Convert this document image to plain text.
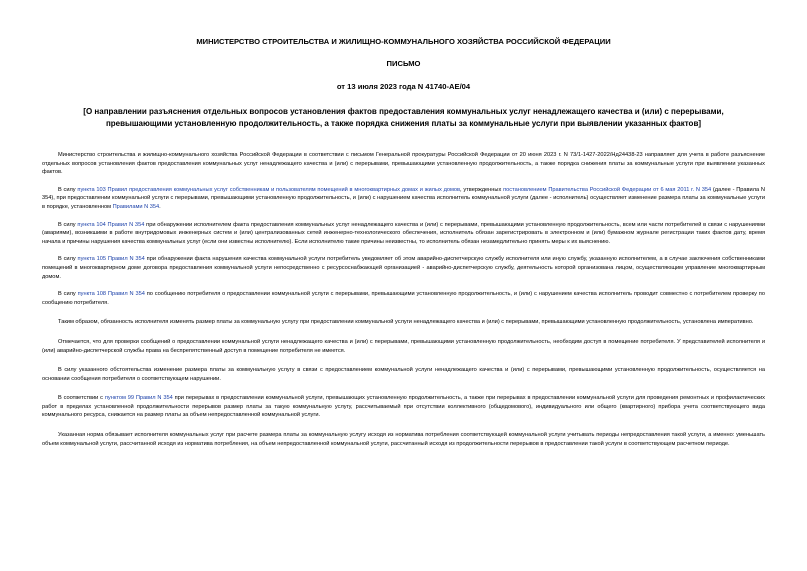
МИНИСТЕРСТВО СТРОИТЕЛЬСТВА И ЖИЛИЩНО-КОММУНАЛЬНОГО ХОЗЯЙСТВА РОССИЙСКОЙ ФЕДЕРАЦИИ
ПИСЬМО
от 13 июля 2023 года N 41740-АЕ/04
[О направлении разъяснения отдельных вопросов установления фактов предоставления коммунальных услуг ненадлежащего качества и (или) с перерывами,
превышающими установленную продолжительность, а также порядка снижения платы за коммунальные услуги при выявлении указанных фактов]

Министерство строительства и жилищно-коммунального хозяйства Российской Федерации в соответствии с письмом Генеральной прокуратуры Российской Федерации от 20 июня 2023 г. N 73/1-1427-2022/Нд24438-23 направляет для учета в работе разъяснение отдельных вопросов установления фактов предоставления коммунальных услуг ненадлежащего качества и (или) с перерывами, превышающими установленную продолжительность, а также порядка снижения платы за коммунальные услуги при выявлении указанных фактов.

В силу пункта 103 Правил предоставления коммунальных услуг собственникам и пользователям помещений в многоквартирных домах и жилых домов, утвержденных постановлением Правительства Российской Федерации от 6 мая 2011 г. N 354 (далее - Правила N 354), при предоставлении коммунальной услуги с перерывами, превышающими установленную продолжительность, и (или) с нарушением качества исполнитель коммунальной услуги (далее - исполнитель) осуществляет изменение размера платы за коммунальные услуги в порядке, установленном Правилами N 354.

В силу пункта 104 Правил N 354 при обнаружении исполнителем факта предоставления коммунальных услуг ненадлежащего качества и (или) с перерывами, превышающими установленную продолжительность, всем или части потребителей в связи с нарушениями (авариями), возникшими в работе внутридомовых инженерных систем и (или) централизованных сетей инженерно-технологического обеспечения, исполнитель обязан зарегистрировать в электронном и (или) бумажном журнале регистрации таких фактов дату, время начала и причины нарушения качества коммунальных услуг (если они известны исполнителю). Если исполнителю такие причины неизвестны, то исполнитель обязан незамедлительно принять меры к их выяснению.

В силу пункта 105 Правил N 354 при обнаружении факта нарушения качества коммунальной услуги потребитель уведомляет об этом аварийно-диспетчерскую службу исполнителя или иную службу, указанную исполнителем, а в случае заключения собственниками помещений в многоквартирном доме договора предоставления коммунальной услуги непосредственно с ресурсоснабжающей организацией - аварийно-диспетчерскую службу, деятельность которой организована лицом, осуществляющим управление многоквартирным домом.

В силу пункта 108 Правил N 354 по сообщению потребителя о предоставлении коммунальной услуги с перерывами, превышающими установленную продолжительность, и (или) с нарушением качества исполнитель проводит совместно с потребителем проверку по сообщению потребителя.

Таким образом, обязанность исполнителя изменять размер платы за коммунальную услугу при предоставлении коммунальной услуги ненадлежащего качества и (или) с перерывами, превышающими установленную продолжительность, установлена императивно.

Отмечается, что для проверки сообщений о предоставлении коммунальной услуги ненадлежащего качества и (или) с перерывами, превышающими установленную продолжительность, необходим доступ в помещение потребителя. У представителей исполнителя и (или) аварийно-диспетчерской службы права на беспрепятственный доступ в помещение потребителя не имеется.

В силу указанного обстоятельства изменение размера платы за коммунальную услугу в связи с предоставлением коммунальной услуги ненадлежащего качества и (или) с перерывами, превышающими установленную продолжительность, осуществляется на основании сообщения потребителя о соответствующем нарушении.

В соответствии с пунктом 99 Правил N 354 при перерывах в предоставлении коммунальной услуги, превышающих установленную продолжительность, а также при перерывах в предоставлении коммунальной услуги для проведения ремонтных и профилактических работ в пределах установленной продолжительности перерывов размер платы за такую коммунальную услугу, рассчитываемый при отсутствии коллективного (общедомового), индивидуального или общего (квартирного) прибора учета соответствующего вида коммунального ресурса, снижается на размер платы за объем непредоставленной коммунальной услуги.

Указанная норма обязывает исполнителя коммунальных услуг при расчете размера платы за коммунальную услугу исходя из норматива потребления соответствующей коммунальной услуги учитывать периоды непредоставления такой услуги, а именно: уменьшать объем коммунальной услуги, рассчитанной исходя из норматива потребления, на объем непредоставленной коммунальной услуги, рассчитанный исходя из продолжительности перерывов в предоставлении такой услуги в соответствующем расчетном периоде.
